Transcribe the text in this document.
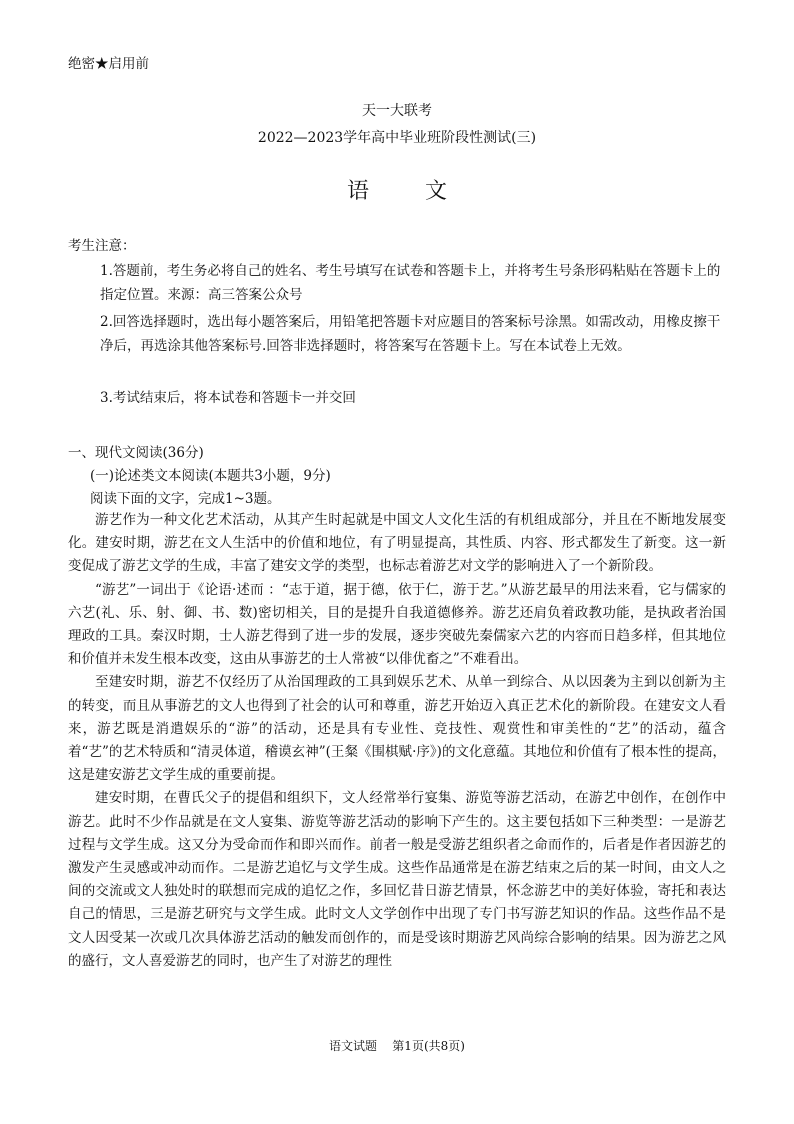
绝密★启用前
天一大联考
2022—2023学年高中毕业班阶段性测试(三)
语文
考生注意：
1.答题前，考生务必将自己的姓名、考生号填写在试卷和答题卡上，并将考生号条形码粘贴在答题卡上的指定位置。来源：高三答案公众号
2.回答选择题时，选出每小题答案后，用铅笔把答题卡对应题目的答案标号涂黑。如需改动，用橡皮擦干净后，再选涂其他答案标号.回答非选择题时，将答案写在答题卡上。写在本试卷上无效。
3.考试结束后，将本试卷和答题卡一并交回
一、现代文阅读(36分)
(一)论述类文本阅读(本题共3小题，9分)
阅读下面的文字，完成1~3题。

游艺作为一种文化艺术活动，从其产生时起就是中国文人文化生活的有机组成部分，并且在不断地发展变化。建安时期，游艺在文人生活中的价值和地位，有了明显提高，其性质、内容、形式都发生了新变。这一新变促成了游艺文学的生成，丰富了建安文学的类型，也标志着游艺对文学的影响进入了一个新阶段。

“游艺”一词出于《论语·述而 ：“志于道，据于德，依于仁，游于艺。”从游艺最早的用法来看，它与儒家的六艺(礼、乐、射、御、书、数)密切相关，目的是提升自我道德修养。游艺还肩负着政教功能，是执政者治国理政的工具。秦汉时期，士人游艺得到了进一步的发展，逐步突破先秦儒家六艺的内容而日趋多样，但其地位和价值并未发生根本改变，这由从事游艺的士人常被“以俳优畜之”不难看出。

至建安时期，游艺不仅经历了从治国理政的工具到娱乐艺术、从单一到综合、从以因袭为主到以创新为主的转变，而且从事游艺的文人也得到了社会的认可和尊重，游艺开始迈入真正艺术化的新阶段。在建安文人看来，游艺既是消遣娱乐的“游”的活动，还是具有专业性、竞技性、观赏性和审美性的“艺”的活动，蕴含着“艺”的艺术特质和“清灵体道，稽谟玄神”(王粲《围棋赋·序》)的文化意蕴。其地位和价值有了根本性的提高，这是建安游艺文学生成的重要前提。

建安时期，在曹氏父子的提倡和组织下，文人经常举行宴集、游览等游艺活动，在游艺中创作，在创作中游艺。此时不少作品就是在文人宴集、游览等游艺活动的影响下产生的。这主要包括如下三种类型：一是游艺过程与文学生成。这又分为受命而作和即兴而作。前者一般是受游艺组织者之命而作的，后者是作者因游艺的激发产生灵感或冲动而作。二是游艺追忆与文学生成。这些作品通常是在游艺结束之后的某一时间，由文人之间的交流或文人独处时的联想而完成的追忆之作，多回忆昔日游艺情景，怀念游艺中的美好体验，寄托和表达自己的情思，三是游艺研究与文学生成。此时文人文学创作中出现了专门书写游艺知识的作品。这些作品不是文人因受某一次或几次具体游艺活动的触发而创作的，而是受该时期游艺风尚综合影响的结果。因为游艺之风的盛行，文人喜爱游艺的同时，也产生了对游艺的理性

语文试题    第1页(共8页)
